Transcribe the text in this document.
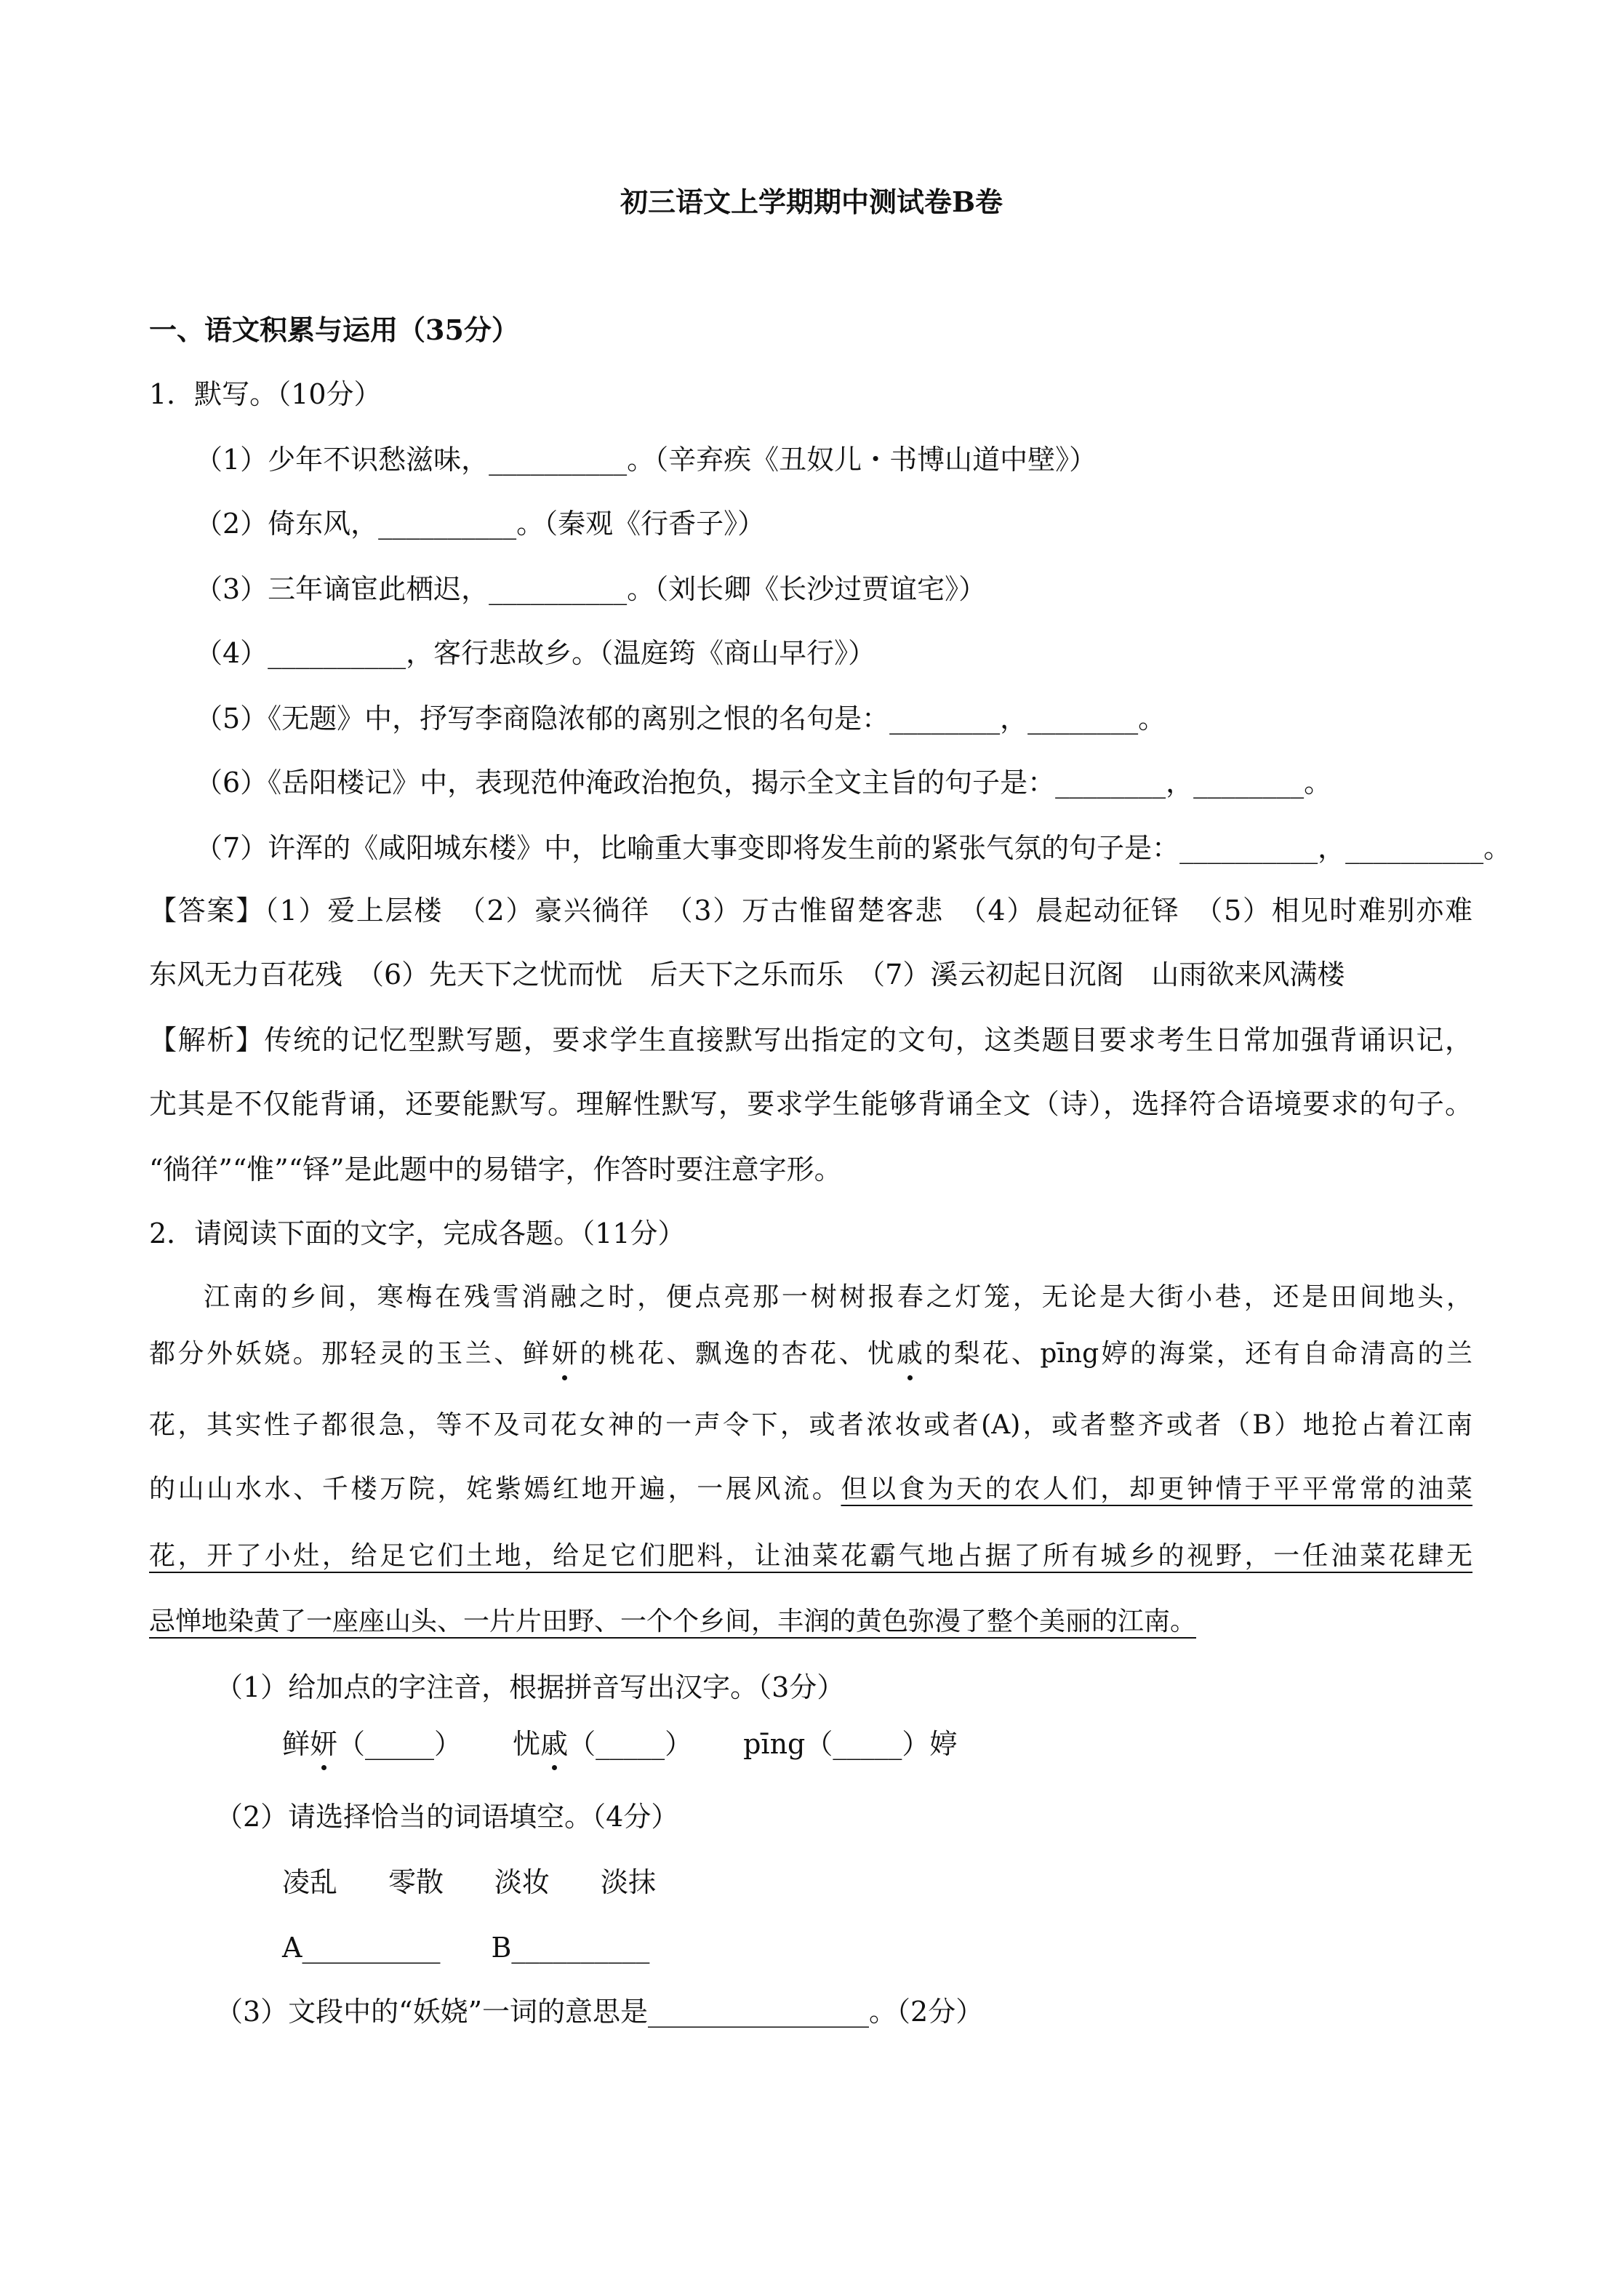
初三语文上学期期中测试卷B卷
一、语文积累与运用（35分）
1．默写。（10分）
（1）少年不识愁滋味，__________。（辛弃疾《丑奴儿・书博山道中壁》）
（2）倚东风，__________。（秦观《行香子》）
（3）三年谪宦此栖迟，__________。（刘长卿《长沙过贾谊宅》）
（4）__________，客行悲故乡。（温庭筠《商山早行》）
（5）《无题》中，抒写李商隐浓郁的离别之恨的名句是：________，________。
（6）《岳阳楼记》中，表现范仲淹政治抱负，揭示全文主旨的句子是：________，________。
（7）许浑的《咸阳城东楼》中，比喻重大事变即将发生前的紧张气氛的句子是：__________，__________。
【答案】（1）爱上层楼　（2）豪兴徜徉　（3）万古惟留楚客悲　（4）晨起动征铎　（5）相见时难别亦难
东风无力百花残　（6）先天下之忧而忧　后天下之乐而乐　（7）溪云初起日沉阁　山雨欲来风满楼
【解析】传统的记忆型默写题，要求学生直接默写出指定的文句，这类题目要求考生日常加强背诵识记，
尤其是不仅能背诵，还要能默写。理解性默写，要求学生能够背诵全文（诗），选择符合语境要求的句子。
“徜徉”“惟”“铎”是此题中的易错字，作答时要注意字形。
2．请阅读下面的文字，完成各题。（11分）
江南的乡间，寒梅在残雪消融之时，便点亮那一树树报春之灯笼，无论是大街小巷，还是田间地头，
都分外妖娆。那轻灵的玉兰、鲜妍的桃花、飘逸的杏花、忧戚的梨花、pīng婷的海棠，还有自命清高的兰
花，其实性子都很急，等不及司花女神的一声令下，或者浓妆或者(A)，或者整齐或者（B）地抢占着江南
的山山水水、千楼万院，姹紫嫣红地开遍，一展风流。但以食为天的农人们，却更钟情于平平常常的油菜
花，开了小灶，给足它们土地，给足它们肥料，让油菜花霸气地占据了所有城乡的视野，一任油菜花肆无
忌惮地染黄了一座座山头、一片片田野、一个个乡间，丰润的黄色弥漫了整个美丽的江南。
（1）给加点的字注音，根据拼音写出汉字。（3分）
鲜妍（_____） 忧戚（_____） pīng（_____）婷
（2）请选择恰当的词语填空。（4分）
凌乱 零散 淡妆 淡抹
A__________ B__________
（3）文段中的“妖娆”一词的意思是________________。（2分）
